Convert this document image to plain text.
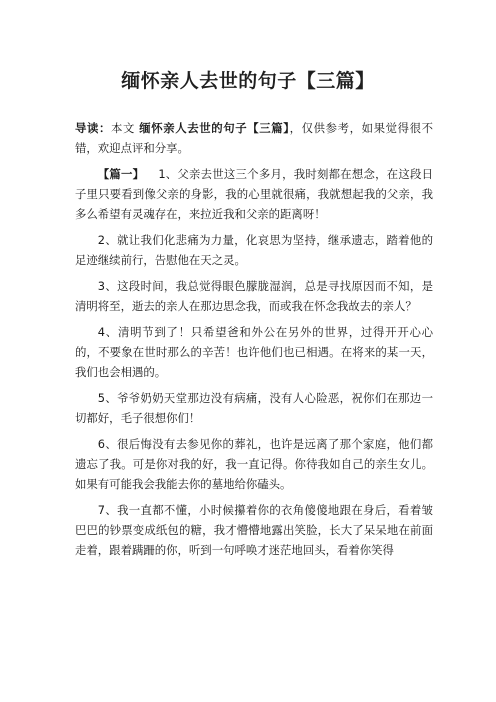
缅怀亲人去世的句子【三篇】

导读：本文 缅怀亲人去世的句子【三篇】，仅供参考，如果觉得很不错，欢迎点评和分享。

【篇一】 1、父亲去世这三个多月，我时刻都在想念，在这段日子里只要看到像父亲的身影，我的心里就很痛，我就想起我的父亲，我多么希望有灵魂存在，来拉近我和父亲的距离呀！

2、就让我们化悲痛为力量，化哀思为坚持，继承遗志，踏着他的足迹继续前行，告慰他在天之灵。

3、这段时间，我总觉得眼色朦胧湿润，总是寻找原因而不知，是清明将至，逝去的亲人在那边思念我，而或我在怀念我故去的亲人？

4、清明节到了！只希望爸和外公在另外的世界，过得开开心心的，不要象在世时那么的辛苦！也许他们也已相遇。在将来的某一天，我们也会相遇的。

5、爷爷奶奶天堂那边没有病痛，没有人心险恶，祝你们在那边一切都好，毛子很想你们！

6、很后悔没有去参见你的葬礼，也许是远离了那个家庭，他们都遗忘了我。可是你对我的好，我一直记得。你待我如自己的亲生女儿。如果有可能我会我能去你的墓地给你磕头。

7、我一直都不懂，小时候攥着你的衣角傻傻地跟在身后，看着皱巴巴的钞票变成纸包的糖，我才懵懵地露出笑脸，长大了呆呆地在前面走着，跟着蹒跚的你，听到一句呼唤才迷茫地回头，看着你笑得
